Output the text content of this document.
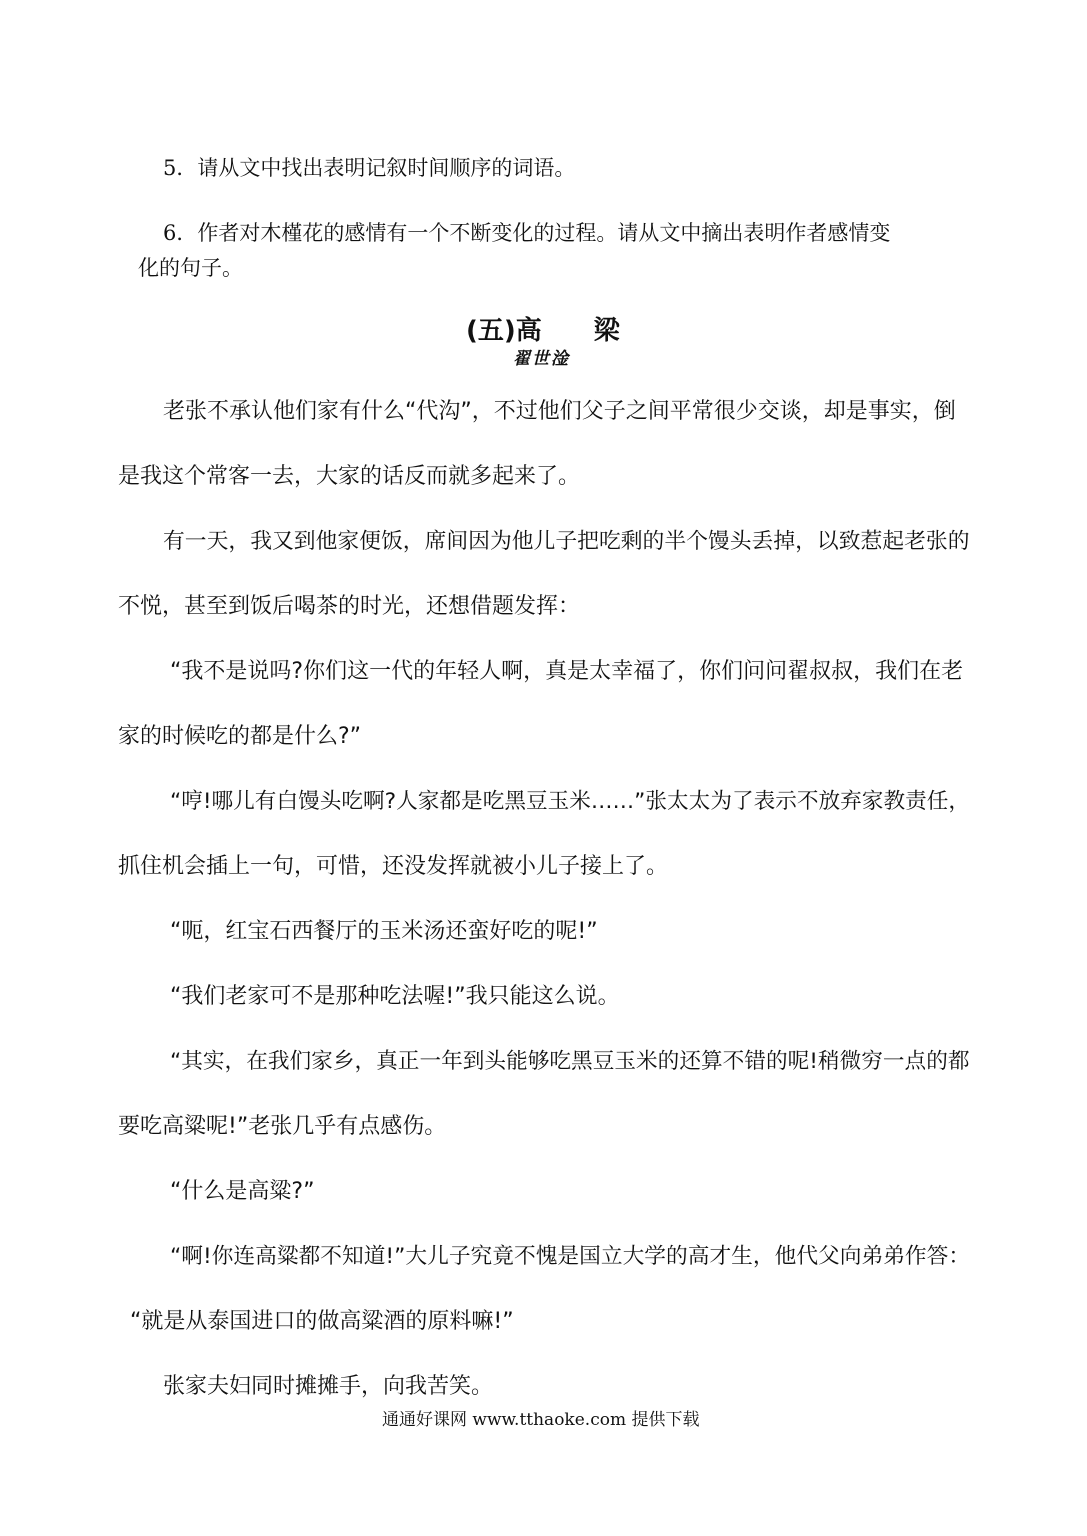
5．请从文中找出表明记叙时间顺序的词语。
6．作者对木槿花的感情有一个不断变化的过程。请从文中摘出表明作者感情变
化的句子。
(五)高 梁
翟世淦
老张不承认他们家有什么“代沟”，不过他们父子之间平常很少交谈，却是事实，倒
是我这个常客一去，大家的话反而就多起来了。
有一天，我又到他家便饭，席间因为他儿子把吃剩的半个馒头丢掉，以致惹起老张的
不悦，甚至到饭后喝茶的时光，还想借题发挥：
“我不是说吗?你们这一代的年轻人啊，真是太幸福了，你们问问翟叔叔，我们在老
家的时候吃的都是什么?”
“哼!哪儿有白馒头吃啊?人家都是吃黑豆玉米……”张太太为了表示不放弃家教责任，
抓住机会插上一句，可惜，还没发挥就被小儿子接上了。
“呃，红宝石西餐厅的玉米汤还蛮好吃的呢!”
“我们老家可不是那种吃法喔!”我只能这么说。
“其实，在我们家乡，真正一年到头能够吃黑豆玉米的还算不错的呢!稍微穷一点的都
要吃高粱呢!”老张几乎有点感伤。
“什么是高粱?”
“啊!你连高粱都不知道!”大儿子究竟不愧是国立大学的高才生，他代父向弟弟作答：
“就是从泰国进口的做高粱酒的原料嘛!”
张家夫妇同时摊摊手，向我苦笑。
通通好课网 www.tthaoke.com 提供下载
